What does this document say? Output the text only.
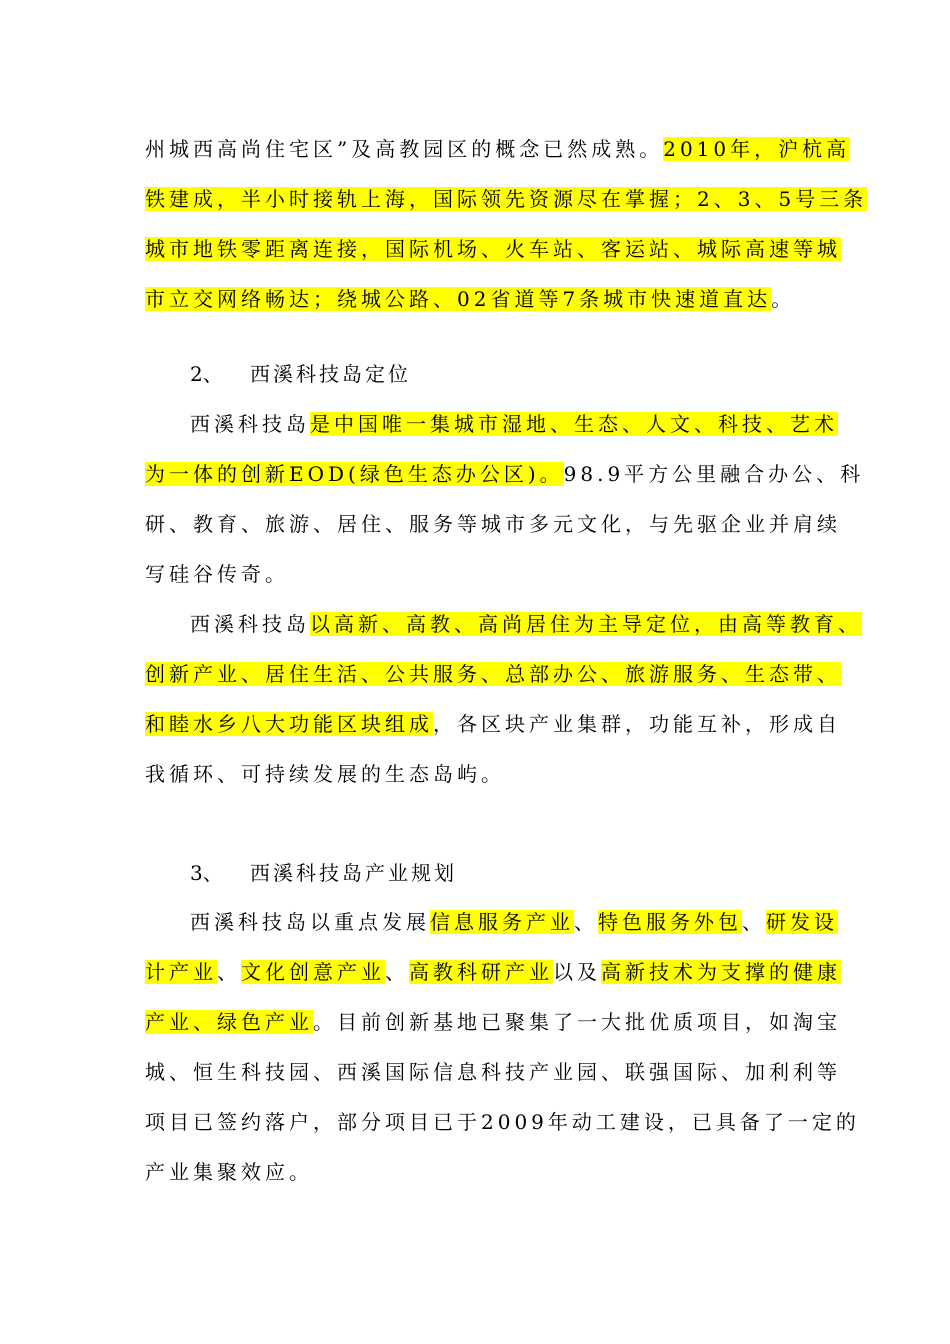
州城西高尚住宅区”及高教园区的概念已然成熟。2010年，沪杭高
铁建成，半小时接轨上海，国际领先资源尽在掌握；2、3、5号三条
城市地铁零距离连接，国际机场、火车站、客运站、城际高速等城
市立交网络畅达；绕城公路、02省道等7条城市快速道直达。
2、 西溪科技岛定位
西溪科技岛是中国唯一集城市湿地、生态、人文、科技、艺术
为一体的创新EOD(绿色生态办公区)。98.9平方公里融合办公、科
研、教育、旅游、居住、服务等城市多元文化，与先驱企业并肩续
写硅谷传奇。
西溪科技岛以高新、高教、高尚居住为主导定位，由高等教育、
创新产业、居住生活、公共服务、总部办公、旅游服务、生态带、
和睦水乡八大功能区块组成，各区块产业集群，功能互补，形成自
我循环、可持续发展的生态岛屿。
3、 西溪科技岛产业规划
西溪科技岛以重点发展信息服务产业、特色服务外包、研发设
计产业、文化创意产业、高教科研产业以及高新技术为支撑的健康
产业、绿色产业。目前创新基地已聚集了一大批优质项目，如淘宝
城、恒生科技园、西溪国际信息科技产业园、联强国际、加利利等
项目已签约落户，部分项目已于2009年动工建设，已具备了一定的
产业集聚效应。
